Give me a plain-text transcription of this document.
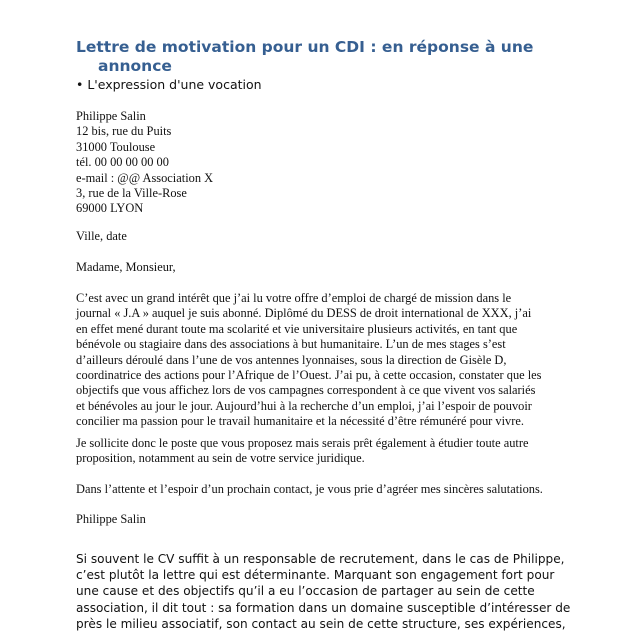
Lettre de motivation pour un CDI : en réponse à une
annonce
• L'expression d'une vocation
Philippe Salin
12 bis, rue du Puits
31000 Toulouse
tél. 00 00 00 00 00
e-mail : @@ Association X
3, rue de la Ville-Rose
69000 LYON
Ville, date
Madame, Monsieur,
C’est avec un grand intérêt que j’ai lu votre offre d’emploi de chargé de mission dans le
journal « J.A » auquel je suis abonné. Diplômé du DESS de droit international de XXX, j’ai
en effet mené durant toute ma scolarité et vie universitaire plusieurs activités, en tant que
bénévole ou stagiaire dans des associations à but humanitaire. L’un de mes stages s’est
d’ailleurs déroulé dans l’une de vos antennes lyonnaises, sous la direction de Gisèle D,
coordinatrice des actions pour l’Afrique de l’Ouest. J’ai pu, à cette occasion, constater que les
objectifs que vous affichez lors de vos campagnes correspondent à ce que vivent vos salariés
et bénévoles au jour le jour. Aujourd’hui à la recherche d’un emploi, j’ai l’espoir de pouvoir
concilier ma passion pour le travail humanitaire et la nécessité d’être rémunéré pour vivre.
Je sollicite donc le poste que vous proposez mais serais prêt également à étudier toute autre
proposition, notamment au sein de votre service juridique.
Dans l’attente et l’espoir d’un prochain contact, je vous prie d’agréer mes sincères salutations.
Philippe Salin
Si souvent le CV suffit à un responsable de recrutement, dans le cas de Philippe,
c’est plutôt la lettre qui est déterminante. Marquant son engagement fort pour
une cause et des objectifs qu’il a eu l’occasion de partager au sein de cette
association, il dit tout : sa formation dans un domaine susceptible d’intéresser de
près le milieu associatif, son contact au sein de cette structure, ses expériences,
